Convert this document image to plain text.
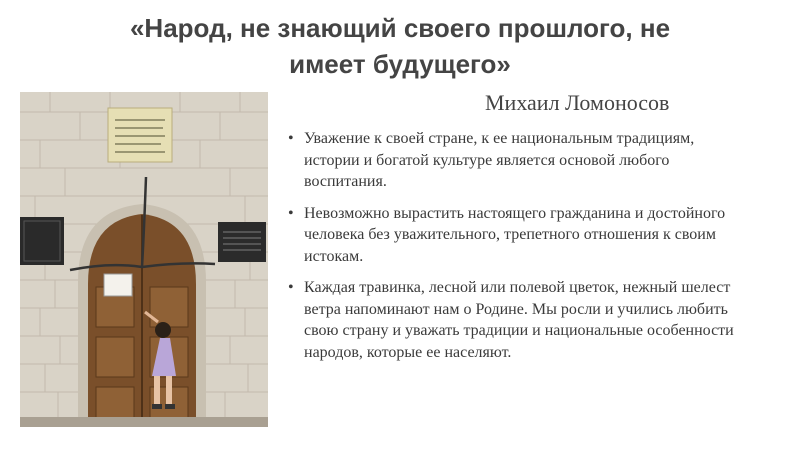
«Народ, не знающий своего прошлого, не
имеет будущего»
Михаил Ломоносов
• Уважение к своей стране, к ее национальным традициям, истории и богатой культуре является основой любого воспитания.
• Невозможно вырастить настоящего гражданина и достойного человека без уважительного, трепетного отношения к своим истокам.
• Каждая травинка, лесной или полевой цветок, нежный шелест ветра напоминают нам о Родине. Мы росли и учились любить свою страну и уважать традиции и национальные особенности народов, которые ее населяют.
